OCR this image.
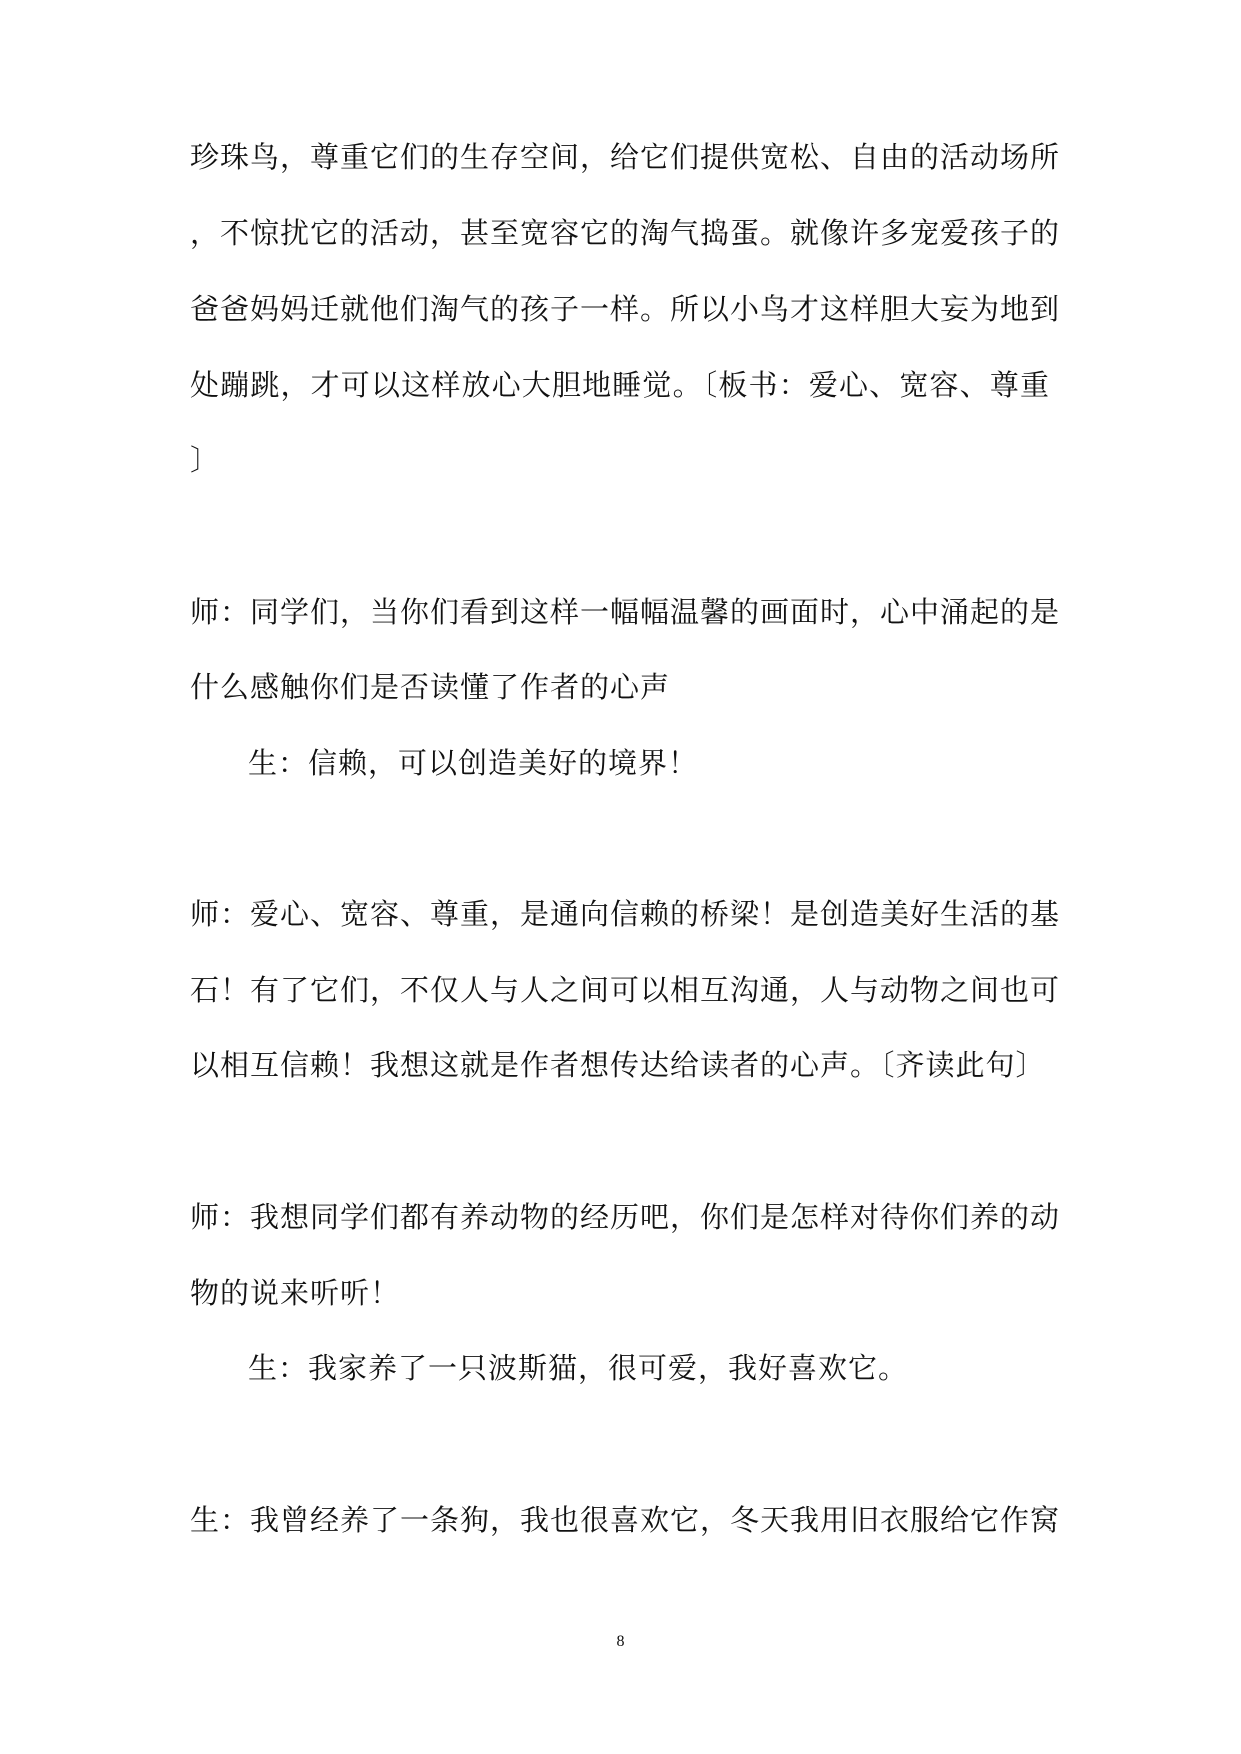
珍珠鸟，尊重它们的生存空间，给它们提供宽松、自由的活动场所
，不惊扰它的活动，甚至宽容它的淘气捣蛋。就像许多宠爱孩子的
爸爸妈妈迁就他们淘气的孩子一样。所以小鸟才这样胆大妄为地到
处蹦跳，才可以这样放心大胆地睡觉。〔板书：爱心、宽容、尊重
〕
师：同学们，当你们看到这样一幅幅温馨的画面时，心中涌起的是
什么感触你们是否读懂了作者的心声
生：信赖，可以创造美好的境界！
师：爱心、宽容、尊重，是通向信赖的桥梁！是创造美好生活的基
石！有了它们，不仅人与人之间可以相互沟通，人与动物之间也可
以相互信赖！我想这就是作者想传达给读者的心声。〔齐读此句〕
师：我想同学们都有养动物的经历吧，你们是怎样对待你们养的动
物的说来听听！
生：我家养了一只波斯猫，很可爱，我好喜欢它。
生：我曾经养了一条狗，我也很喜欢它，冬天我用旧衣服给它作窝
8
